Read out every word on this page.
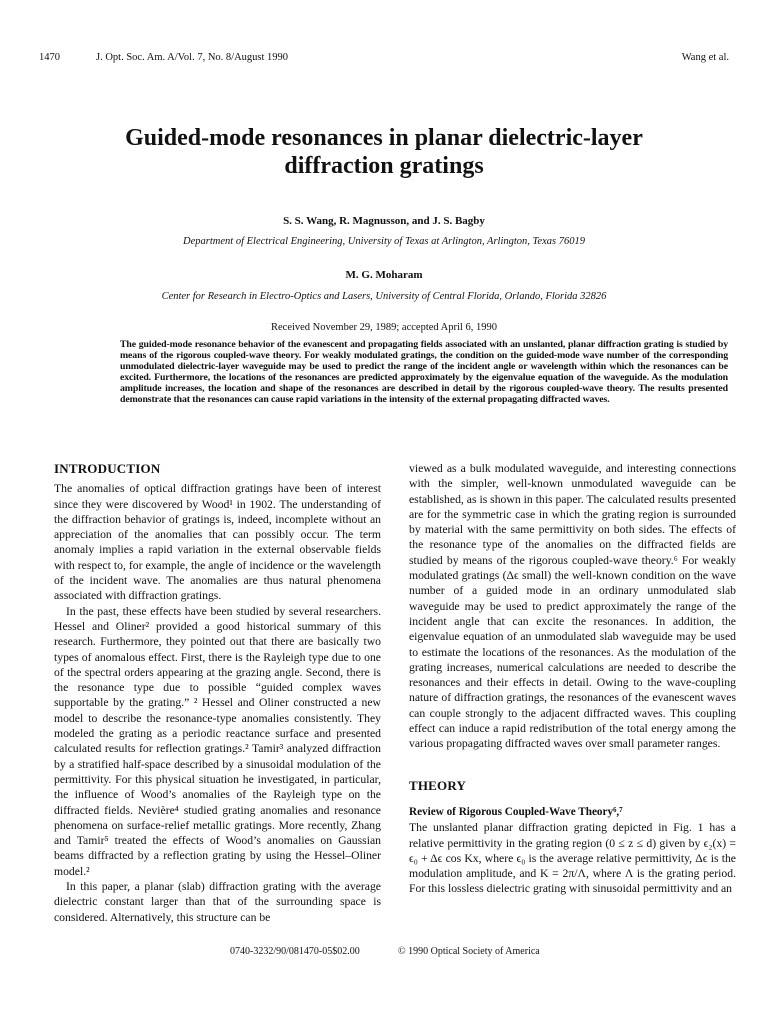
1470	J. Opt. Soc. Am. A/Vol. 7, No. 8/August 1990	Wang et al.
Guided-mode resonances in planar dielectric-layer
diffraction gratings
S. S. Wang, R. Magnusson, and J. S. Bagby
Department of Electrical Engineering, University of Texas at Arlington, Arlington, Texas 76019
M. G. Moharam
Center for Research in Electro-Optics and Lasers, University of Central Florida, Orlando, Florida 32826
Received November 29, 1989; accepted April 6, 1990
The guided-mode resonance behavior of the evanescent and propagating fields associated with an unslanted, planar diffraction grating is studied by means of the rigorous coupled-wave theory. For weakly modulated gratings, the condition on the guided-mode wave number of the corresponding unmodulated dielectric-layer waveguide may be used to predict the range of the incident angle or wavelength within which the resonances can be excited. Furthermore, the locations of the resonances are predicted approximately by the eigenvalue equation of the waveguide. As the modulation amplitude increases, the location and shape of the resonances are described in detail by the rigorous coupled-wave theory. The results presented demonstrate that the resonances can cause rapid variations in the intensity of the external propagating diffracted waves.
INTRODUCTION

The anomalies of optical diffraction gratings have been of interest since they were discovered by Wood¹ in 1902. The understanding of the diffraction behavior of gratings is, indeed, incomplete without an appreciation of the anomalies that can possibly occur. The term anomaly implies a rapid variation in the external observable fields with respect to, for example, the angle of incidence or the wavelength of the incident wave. The anomalies are thus natural phenomena associated with diffraction gratings.

In the past, these effects have been studied by several researchers. Hessel and Oliner² provided a good historical summary of this research. Furthermore, they pointed out that there are basically two types of anomalous effect. First, there is the Rayleigh type due to one of the spectral orders appearing at the grazing angle. Second, there is the resonance type due to possible “guided complex waves supportable by the grating.” ² Hessel and Oliner constructed a new model to describe the resonance-type anomalies consistently. They modeled the grating as a periodic reactance surface and presented calculated results for reflection gratings.² Tamir³ analyzed diffraction by a stratified half-space described by a sinusoidal modulation of the permittivity. For this physical situation he investigated, in particular, the influence of Wood’s anomalies of the Rayleigh type on the diffracted fields. Nevière⁴ studied grating anomalies and resonance phenomena on surface-relief metallic gratings. More recently, Zhang and Tamir⁵ treated the effects of Wood’s anomalies on Gaussian beams diffracted by a reflection grating by using the Hessel–Oliner model.²

In this paper, a planar (slab) diffraction grating with the average dielectric constant larger than that of the surrounding space is considered. Alternatively, this structure can be

viewed as a bulk modulated waveguide, and interesting connections with the simpler, well-known unmodulated waveguide can be established, as is shown in this paper. The calculated results presented are for the symmetric case in which the grating region is surrounded by material with the same permittivity on both sides. The effects of the resonance type of the anomalies on the diffracted fields are studied by means of the rigorous coupled-wave theory.⁶ For weakly modulated gratings (Δϵ small) the well-known condition on the wave number of a guided mode in an ordinary unmodulated slab waveguide may be used to predict approximately the range of the incident angle that can excite the resonances. In addition, the eigenvalue equation of an unmodulated slab waveguide may be used to estimate the locations of the resonances. As the modulation of the grating increases, numerical calculations are needed to describe the resonances and their effects in detail. Owing to the wave-coupling nature of diffraction gratings, the resonances of the evanescent waves can couple strongly to the adjacent diffracted waves. This coupling effect can induce a rapid redistribution of the total energy among the various propagating diffracted waves over small parameter ranges.

THEORY
Review of Rigorous Coupled-Wave Theory⁶,⁷

The unslanted planar diffraction grating depicted in Fig. 1 has a relative permittivity in the grating region (0 ≤ z ≤ d) given by ϵ₂(x) = ϵ₀ + Δϵ cos Kx, where ϵ₀ is the average relative permittivity, Δϵ is the modulation amplitude, and K = 2π/Λ, where Λ is the grating period. For this lossless dielectric grating with sinusoidal permittivity and an

0740-3232/90/081470-05$02.00	© 1990 Optical Society of America
